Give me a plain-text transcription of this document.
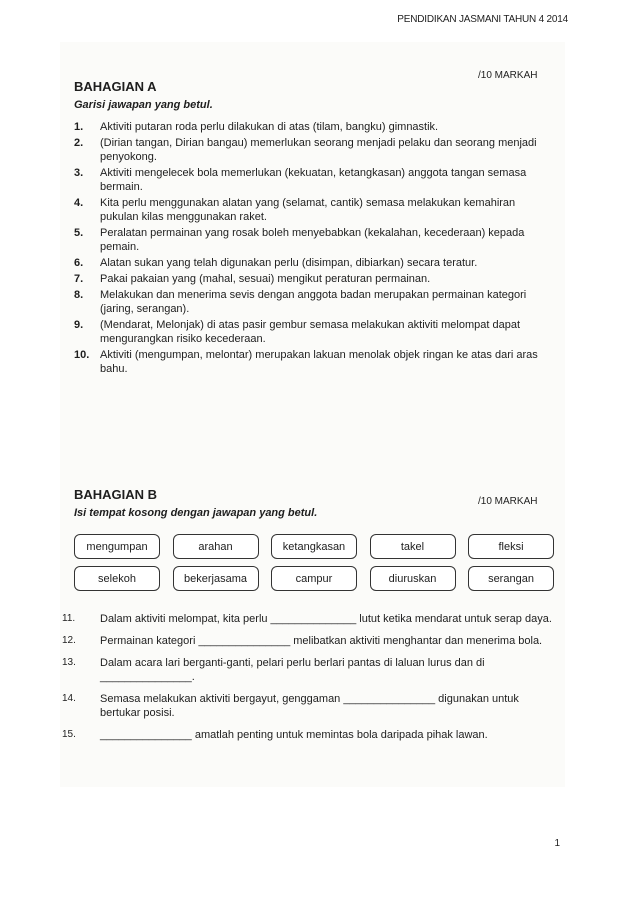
PENDIDIKAN JASMANI TAHUN 4 2014
/10 MARKAH
BAHAGIAN A
Garisi jawapan yang betul.
1.	Aktiviti putaran roda perlu dilakukan di atas (tilam, bangku) gimnastik.
2.	(Dirian tangan, Dirian bangau) memerlukan seorang menjadi pelaku dan seorang menjadi penyokong.
3.	Aktiviti mengelecek bola memerlukan (kekuatan, ketangkasan) anggota tangan semasa bermain.
4.	Kita perlu menggunakan alatan yang (selamat, cantik) semasa melakukan kemahiran pukulan kilas menggunakan raket.
5.	Peralatan permainan yang rosak boleh menyebabkan (kekalahan, kecederaan) kepada pemain.
6.	Alatan sukan yang telah digunakan perlu (disimpan, dibiarkan) secara teratur.
7.	Pakai pakaian yang (mahal, sesuai) mengikut peraturan permainan.
8.	Melakukan dan menerima sevis dengan anggota badan merupakan permainan kategori (jaring, serangan).
9.	(Mendarat, Melonjak) di atas pasir gembur semasa melakukan aktiviti melompat dapat mengurangkan risiko kecederaan.
10. Aktiviti (mengumpan, melontar) merupakan lakuan menolak objek ringan ke atas dari aras bahu.
/10 MARKAH
BAHAGIAN B
Isi tempat kosong dengan jawapan yang betul.
mengumpan	arahan	ketangkasan	takel	fleksi
selekoh	bekerjasama	campur	diuruskan	serangan
11.	Dalam aktiviti melompat, kita perlu ______________ lutut ketika mendarat untuk serap daya.
12.	Permainan kategori _______________ melibatkan aktiviti menghantar dan menerima bola.
13.	Dalam acara lari berganti-ganti, pelari perlu berlari pantas di laluan lurus dan di _______________.
14.	Semasa melakukan aktiviti bergayut, genggaman _______________ digunakan untuk bertukar posisi.
15.	_______________ amatlah penting untuk memintas bola daripada pihak lawan.
1
